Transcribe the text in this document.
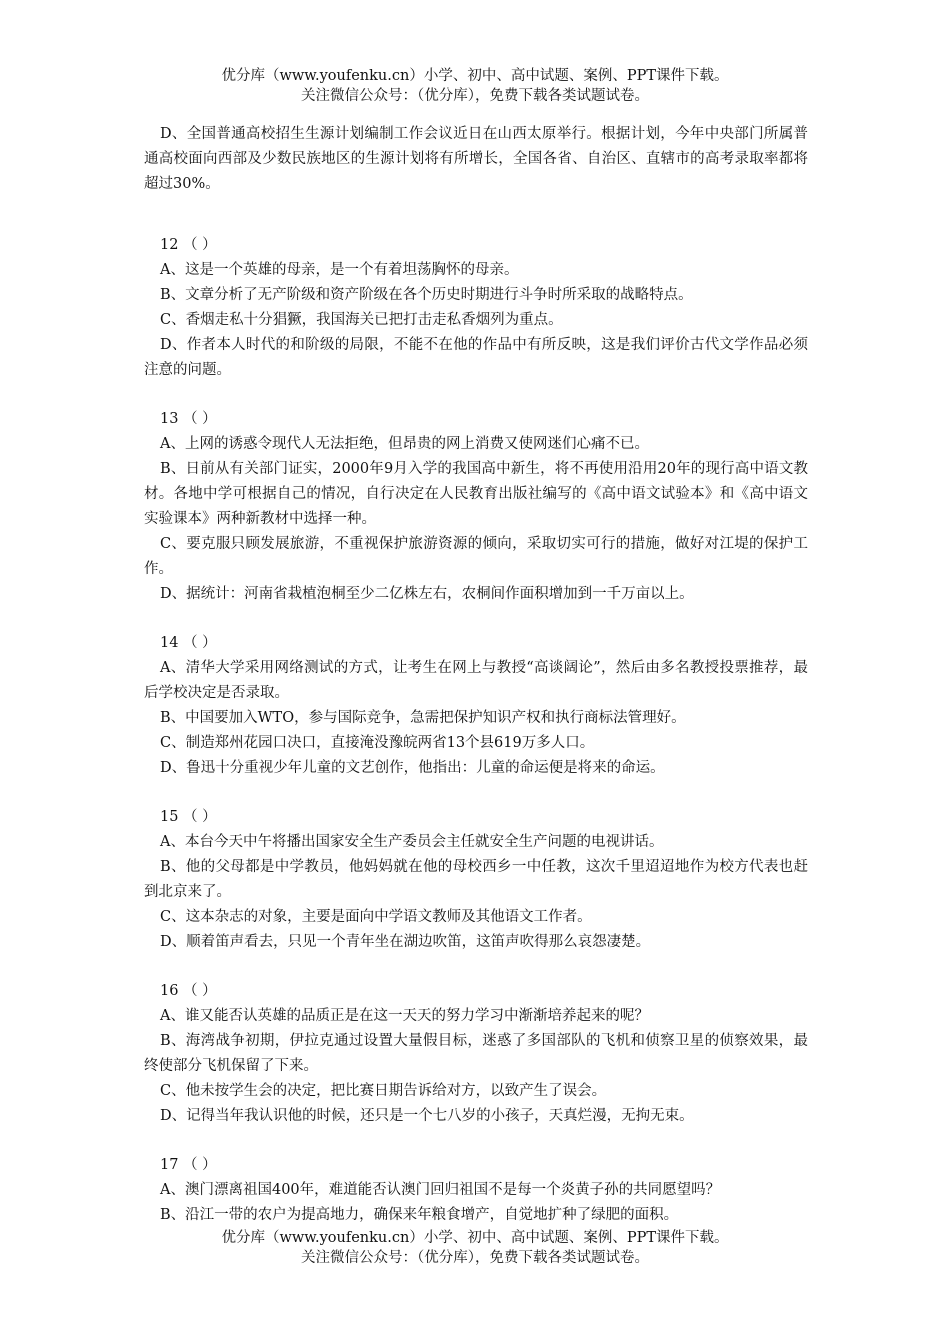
优分库（www.youfenku.cn）小学、初中、高中试题、案例、PPT课件下载。
关注微信公众号：（优分库），免费下载各类试题试卷。

D、全国普通高校招生生源计划编制工作会议近日在山西太原举行。根据计划，今年中央部门所属普通高校面向西部及少数民族地区的生源计划将有所增长，全国各省、自治区、直辖市的高考录取率都将超过30%。

12 （ ）

A、这是一个英雄的母亲，是一个有着坦荡胸怀的母亲。

B、文章分析了无产阶级和资产阶级在各个历史时期进行斗争时所采取的战略特点。

C、香烟走私十分猖獗，我国海关已把打击走私香烟列为重点。

D、作者本人时代的和阶级的局限，不能不在他的作品中有所反映，这是我们评价古代文学作品必须注意的问题。

13 （ ）

A、上网的诱惑令现代人无法拒绝，但昂贵的网上消费又使网迷们心痛不已。

B、日前从有关部门证实，2000年9月入学的我国高中新生，将不再使用沿用20年的现行高中语文教材。各地中学可根据自己的情况，自行决定在人民教育出版社编写的《高中语文试验本》和《高中语文实验课本》两种新教材中选择一种。

C、要克服只顾发展旅游，不重视保护旅游资源的倾向，采取切实可行的措施，做好对江堤的保护工作。

D、据统计：河南省栽植泡桐至少二亿株左右，农桐间作面积增加到一千万亩以上。

14 （ ）

A、清华大学采用网络测试的方式，让考生在网上与教授“高谈阔论”，然后由多名教授投票推荐，最后学校决定是否录取。

B、中国要加入WTO，参与国际竞争，急需把保护知识产权和执行商标法管理好。

C、制造郑州花园口决口，直接淹没豫皖两省13个县619万多人口。

D、鲁迅十分重视少年儿童的文艺创作，他指出：儿童的命运便是将来的命运。

15 （ ）

A、本台今天中午将播出国家安全生产委员会主任就安全生产问题的电视讲话。

B、他的父母都是中学教员，他妈妈就在他的母校西乡一中任教，这次千里迢迢地作为校方代表也赶到北京来了。

C、这本杂志的对象，主要是面向中学语文教师及其他语文工作者。

D、顺着笛声看去，只见一个青年坐在湖边吹笛，这笛声吹得那么哀怨凄楚。

16 （ ）

A、谁又能否认英雄的品质正是在这一天天的努力学习中渐渐培养起来的呢？

B、海湾战争初期，伊拉克通过设置大量假目标，迷惑了多国部队的飞机和侦察卫星的侦察效果，最终使部分飞机保留了下来。

C、他未按学生会的决定，把比赛日期告诉给对方，以致产生了误会。

D、记得当年我认识他的时候，还只是一个七八岁的小孩子，天真烂漫，无拘无束。

17 （ ）

A、澳门漂离祖国400年，难道能否认澳门回归祖国不是每一个炎黄子孙的共同愿望吗？

B、沿江一带的农户为提高地力，确保来年粮食增产，自觉地扩种了绿肥的面积。

优分库（www.youfenku.cn）小学、初中、高中试题、案例、PPT课件下载。
关注微信公众号：（优分库），免费下载各类试题试卷。
